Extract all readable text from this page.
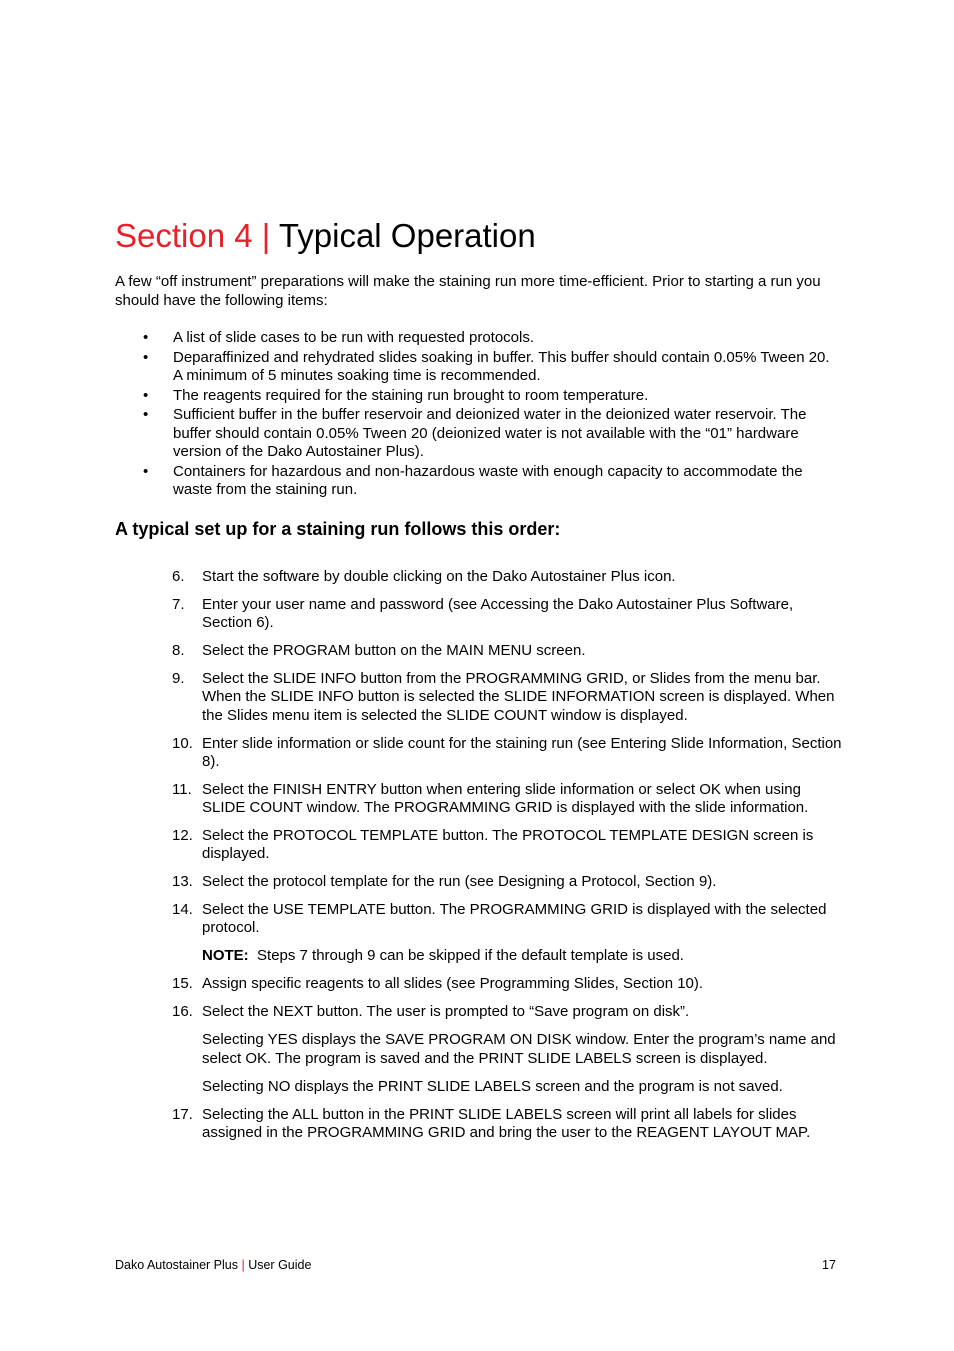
Section 4 | Typical Operation

A few “off instrument” preparations will make the staining run more time-efficient. Prior to starting a run you should have the following items:

• A list of slide cases to be run with requested protocols.
• Deparaffinized and rehydrated slides soaking in buffer. This buffer should contain 0.05% Tween 20. A minimum of 5 minutes soaking time is recommended.
• The reagents required for the staining run brought to room temperature.
• Sufficient buffer in the buffer reservoir and deionized water in the deionized water reservoir. The buffer should contain 0.05% Tween 20 (deionized water is not available with the “01” hardware version of the Dako Autostainer Plus).
• Containers for hazardous and non-hazardous waste with enough capacity to accommodate the waste from the staining run.
A typical set up for a staining run follows this order:
6. Start the software by double clicking on the Dako Autostainer Plus icon.
7. Enter your user name and password (see Accessing the Dako Autostainer Plus Software, Section 6).
8. Select the PROGRAM button on the MAIN MENU screen.
9. Select the SLIDE INFO button from the PROGRAMMING GRID, or Slides from the menu bar. When the SLIDE INFO button is selected the SLIDE INFORMATION screen is displayed. When the Slides menu item is selected the SLIDE COUNT window is displayed.
10. Enter slide information or slide count for the staining run (see Entering Slide Information, Section 8).
11. Select the FINISH ENTRY button when entering slide information or select OK when using SLIDE COUNT window. The PROGRAMMING GRID is displayed with the slide information.
12. Select the PROTOCOL TEMPLATE button. The PROTOCOL TEMPLATE DESIGN screen is displayed.
13. Select the protocol template for the run (see Designing a Protocol, Section 9).
14. Select the USE TEMPLATE button. The PROGRAMMING GRID is displayed with the selected protocol.

NOTE: Steps 7 through 9 can be skipped if the default template is used.

15. Assign specific reagents to all slides (see Programming Slides, Section 10).
16. Select the NEXT button. The user is prompted to “Save program on disk”.

Selecting YES displays the SAVE PROGRAM ON DISK window. Enter the program’s name and select OK. The program is saved and the PRINT SLIDE LABELS screen is displayed.

Selecting NO displays the PRINT SLIDE LABELS screen and the program is not saved.

17. Selecting the ALL button in the PRINT SLIDE LABELS screen will print all labels for slides assigned in the PROGRAMMING GRID and bring the user to the REAGENT LAYOUT MAP.
Dako Autostainer Plus | User Guide	17
